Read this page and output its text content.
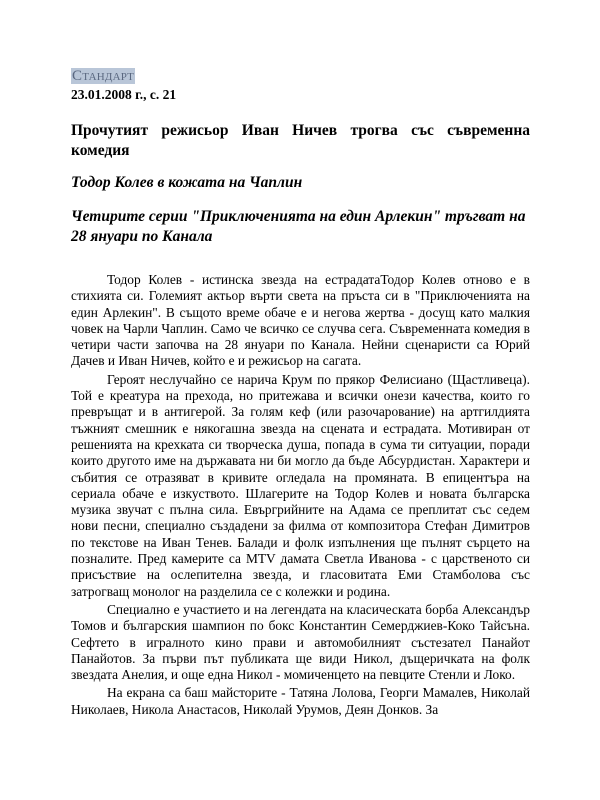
Стандарт
23.01.2008 г., с. 21
Прочутият режисьор Иван Ничев трогва със съвременна комедия
Тодор Колев в кожата на Чаплин
Четирите серии "Приключенията на един Арлекин" тръгват на 28 януари по Канала

Тодор Колев - истинска звезда на естрадатаТодор Колев отново е в стихията си. Големият актьор върти света на пръста си в "Приключенията на един Арлекин". В същото време обаче е и негова жертва - досущ като малкия човек на Чарли Чаплин. Само че всичко се случва сега. Съвременната комедия в четири части започва на 28 януари по Канала. Нейни сценаристи са Юрий Дачев и Иван Ничев, който е и режисьор на сагата.

Героят неслучайно се нарича Крум по прякор Фелисиано (Щастливеца). Той е креатура на прехода, но притежава и всички онези качества, които го превръщат и в антигерой. За голям кеф (или разочарование) на артгилдията тъжният смешник е някогашна звезда на сцената и естрадата. Мотивиран от решенията на крехката си творческа душа, попада в сума ти ситуации, поради които другото име на държавата ни би могло да бъде Абсурдистан. Характери и събития се отразяват в кривите огледала на промяната. В епицентъра на сериала обаче е изкуството. Шлагерите на Тодор Колев и новата българска музика звучат с пълна сила. Евъргрийните на Адама се преплитат със седем нови песни, специално създадени за филма от композитора Стефан Димитров по текстове на Иван Тенев. Балади и фолк изпълнения ще пълнят сърцето на позналите. Пред камерите са MTV дамата Светла Иванова - с царственото си присъствие на ослепителна звезда, и гласовитата Еми Стамболова със затрогващ монолог на разделила се с колежки и родина.

Специално е участието и на легендата на класическата борба Александър Томов и българския шампион по бокс Константин Семерджиев-Коко Тайсъна. Сефтето в игралното кино прави и автомобилният състезател Панайот Панайотов. За първи път публиката ще види Никол, дъщеричката на фолк звездата Анелия, и още една Никол - момиченцето на певците Стенли и Локо.

На екрана са баш майсторите - Татяна Лолова, Георги Мамалев, Николай Николаев, Никола Анастасов, Николай Урумов, Деян Донков. За
